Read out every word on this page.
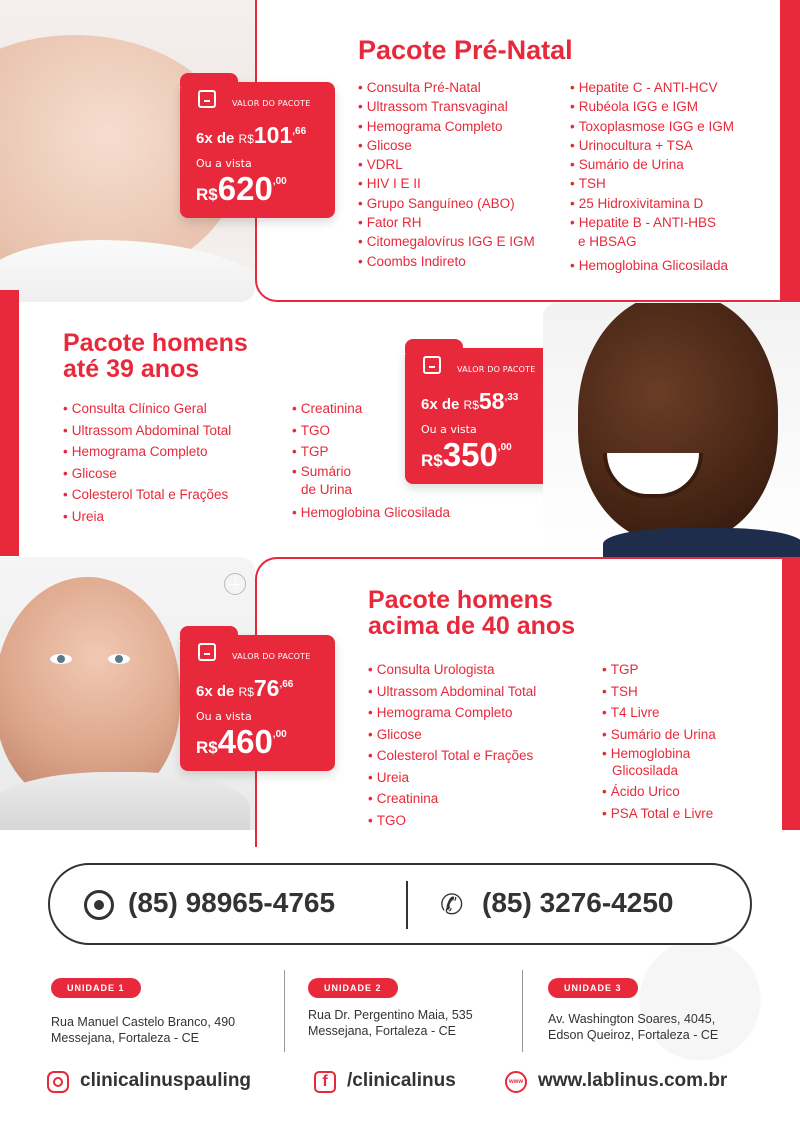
Pacote Pré-Natal
VALOR DO PACOTE
6x de $R\$101^{,66}$
Ou a vista
$R\$620^{,00}$
• Consulta Pré-Natal
• Ultrassom Transvaginal
• Hemograma Completo
• Glicose
• VDRL
• HIV I E II
• Grupo Sanguíneo (ABO)
• Fator RH
• Citomegalovírus IGG E IGM
• Coombs Indireto
• Hepatite C - ANTI-HCV
• Rubéola IGG e IGM
• Toxoplasmose IGG e IGM
• Urinocultura + TSA
• Sumário de Urina
• TSH
• 25 Hidroxivitamina D
• Hepatite B - ANTI-HBS
e HBSAG
• Hemoglobina Glicosilada
Pacote homens
até 39 anos
• Consulta Clínico Geral
• Ultrassom Abdominal Total
• Hemograma Completo
• Glicose
• Colesterol Total e Frações
• Ureia
• Creatinina
• TGO
• TGP
• Sumário
de Urina
• Hemoglobina Glicosilada
VALOR DO PACOTE
6x de $R\$58^{,33}$
Ou a vista
$R\$350^{,00}$
Pacote homens
acima de 40 anos
VALOR DO PACOTE
6x de $R\$76^{,66}$
Ou a vista
$R\$460^{,00}$
• Consulta Urologista
• Ultrassom Abdominal Total
• Hemograma Completo
• Glicose
• Colesterol Total e Frações
• Ureia
• Creatinina
• TGO
• TGP
• TSH
• T4 Livre
• Sumário de Urina
• Hemoglobina
Glicosilada
• Ácido Urico
• PSA Total e Livre
(85) 98965-4765
✆	(85) 3276-4250
UNIDADE 1
Rua Manuel Castelo Branco, 490
Messejana, Fortaleza - CE
UNIDADE 2
Rua Dr. Pergentino Maia, 535
Messejana, Fortaleza - CE
UNIDADE 3
Av. Washington Soares, 4045,
Edson Queiroz, Fortaleza - CE
clinicalinuspauling	f	/clinicalinus	www www.lablinus.com.br
